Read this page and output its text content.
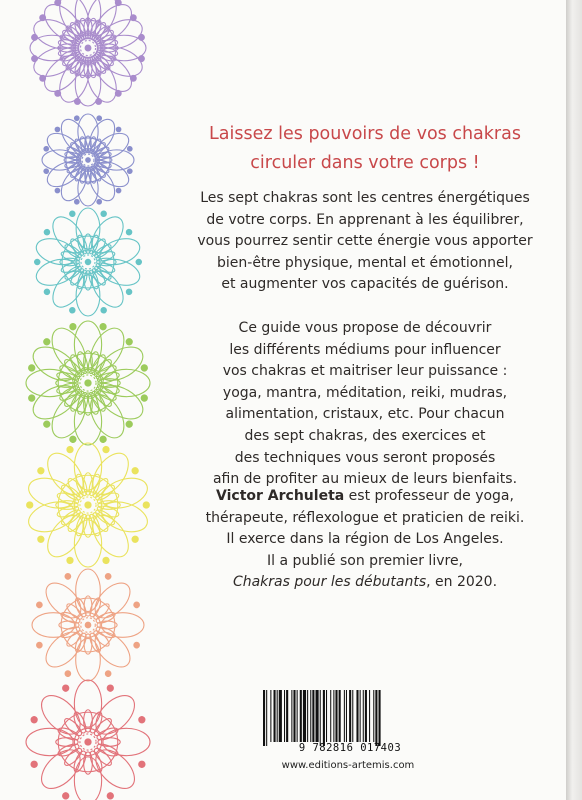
Laissez les pouvoirs de vos chakras
circuler dans votre corps !
Les sept chakras sont les centres énergétiques
de votre corps. En apprenant à les équilibrer,
vous pourrez sentir cette énergie vous apporter
bien-être physique, mental et émotionnel,
et augmenter vos capacités de guérison.
Ce guide vous propose de découvrir
les différents médiums pour influencer
vos chakras et maitriser leur puissance :
yoga, mantra, méditation, reiki, mudras,
alimentation, cristaux, etc. Pour chacun
des sept chakras, des exercices et
des techniques vous seront proposés
afin de profiter au mieux de leurs bienfaits.
Victor Archuleta est professeur de yoga,
thérapeute, réflexologue et praticien de reiki.
Il exerce dans la région de Los Angeles.
Il a publié son premier livre,
Chakras pour les débutants, en 2020.
9 782816 017403
www.editions-artemis.com
